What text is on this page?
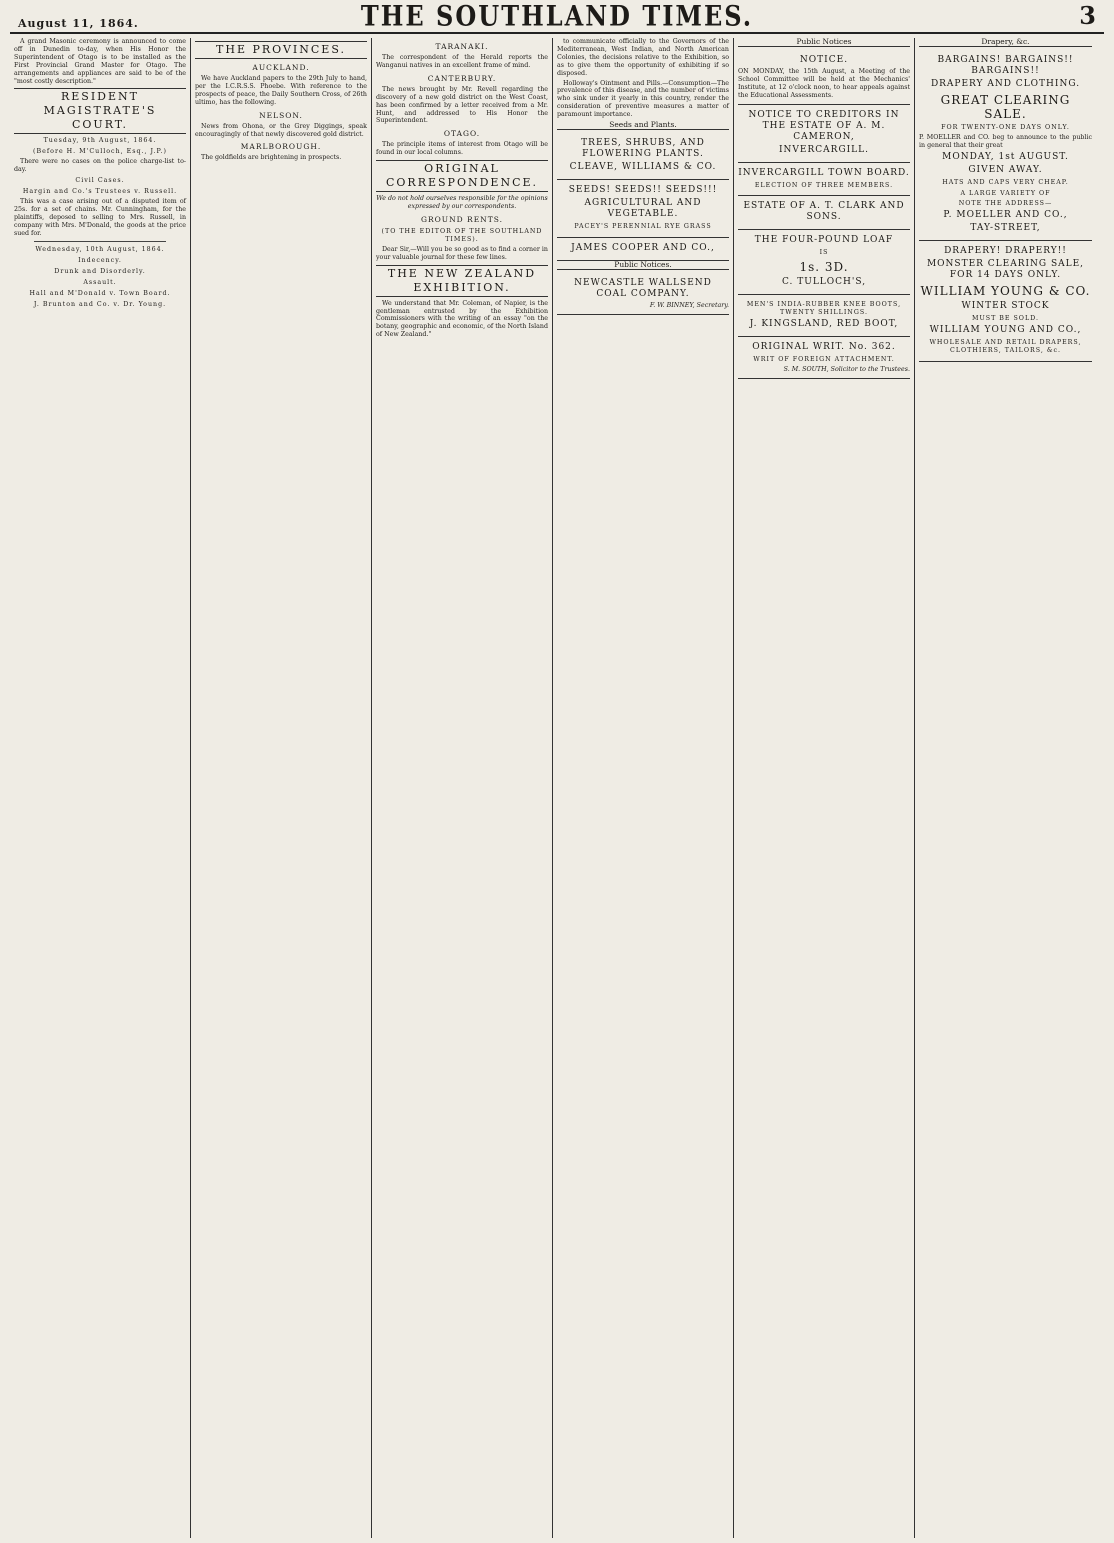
August 11, 1864.	THE SOUTHLAND TIMES.	3

A grand Masonic ceremony is announced to come off in Dunedin to-day, when His Honor the Superintendent of Otago is to be installed as the First Provincial Grand Master for Otago. The arrangements and appliances are said to be of the "most costly description."

RESIDENT MAGISTRATE'S COURT.
Tuesday, 9th August, 1864.
(Before H. M'Culloch, Esq., J.P.)

There were no cases on the police charge-list to-day.

Civil Cases.
Hargin and Co.'s Trustees v. Russell.

This was a case arising out of a disputed item of 25s. for a set of chains. Mr. Cunningham, for the plaintiffs, deposed to selling to Mrs. Russell, in company with Mrs. M'Donald, the goods at the price sued for.

Wednesday, 10th August, 1864.
Indecency.
Drunk and Disorderly.
Assault.
Hall and M'Donald v. Town Board.
J. Brunton and Co. v. Dr. Young.
THE PROVINCES.
AUCKLAND.

We have Auckland papers to the 29th July to hand, per the I.C.R.S.S. Phoebe. With reference to the prospects of peace, the Daily Southern Cross, of 26th ultimo, has the following.

NELSON.

News from Ohona, or the Grey Diggings, speak encouragingly of that newly discovered gold district.

MARLBOROUGH.

The goldfields are brightening in prospects.

TARANAKI.

The correspondent of the Herald reports the Wanganui natives in an excellent frame of mind.

CANTERBURY.

The news brought by Mr. Revell regarding the discovery of a new gold district on the West Coast, has been confirmed by a letter received from a Mr. Hunt, and addressed to His Honor the Superintendent.

OTAGO.

The principle items of interest from Otago will be found in our local columns.

ORIGINAL CORRESPONDENCE.

We do not hold ourselves responsible for the opinions expressed by our correspondents.

GROUND RENTS.
(TO THE EDITOR OF THE SOUTHLAND TIMES).

Dear Sir,—Will you be so good as to find a corner in your valuable journal for these few lines.

THE NEW ZEALAND EXHIBITION.

We understand that Mr. Coleman, of Napier, is the gentleman entrusted by the Exhibition Commissioners with the writing of an essay "on the botany, geographic and economic, of the North Island of New Zealand."

to communicate officially to the Governors of the Mediterranean, West Indian, and North American Colonies, the decisions relative to the Exhibition, so as to give them the opportunity of exhibiting if so disposed.

Holloway's Ointment and Pills.—Consumption—The prevalence of this disease, and the number of victims who sink under it yearly in this country, render the consideration of preventive measures a matter of paramount importance.

Seeds and Plants.
TREES, SHRUBS, AND FLOWERING PLANTS.
CLEAVE, WILLIAMS & CO.
SEEDS! SEEDS!! SEEDS!!!
AGRICULTURAL AND VEGETABLE.
PACEY'S PERENNIAL RYE GRASS
JAMES COOPER AND CO.,
Public Notices.
NEWCASTLE WALLSEND COAL COMPANY.
F. W. BINNEY, Secretary.
Public Notices
NOTICE.
ON MONDAY, the 15th August, a Meeting of the School Committee will be held at the Mechanics' Institute, at 12 o'clock noon, to hear appeals against the Educational Assessments.
NOTICE TO CREDITORS IN THE ESTATE OF A. M. CAMERON,
INVERCARGILL.
INVERCARGILL TOWN BOARD.
ELECTION OF THREE MEMBERS.
ESTATE OF A. T. CLARK AND SONS.
THE FOUR-POUND LOAF
IS
1s. 3D.
C. TULLOCH'S,
MEN'S INDIA-RUBBER KNEE BOOTS, TWENTY SHILLINGS.
J. KINGSLAND, RED BOOT,
ORIGINAL WRIT. No. 362.
WRIT OF FOREIGN ATTACHMENT.
S. M. SOUTH, Solicitor to the Trustees.
Drapery, &c.
BARGAINS! BARGAINS!! BARGAINS!!
DRAPERY AND CLOTHING.
GREAT CLEARING SALE.
FOR TWENTY-ONE DAYS ONLY.
P. MOELLER and CO. beg to announce to the public in general that their great
MONDAY, 1st AUGUST.
GIVEN AWAY.
HATS AND CAPS VERY CHEAP.
A LARGE VARIETY OF
NOTE THE ADDRESS—
P. MOELLER AND CO.,
TAY-STREET,
DRAPERY! DRAPERY!!
MONSTER CLEARING SALE, FOR 14 DAYS ONLY.
WILLIAM YOUNG & CO.
WINTER STOCK
MUST BE SOLD.
WILLIAM YOUNG AND CO.,
WHOLESALE AND RETAIL DRAPERS, CLOTHIERS, TAILORS, &c.
